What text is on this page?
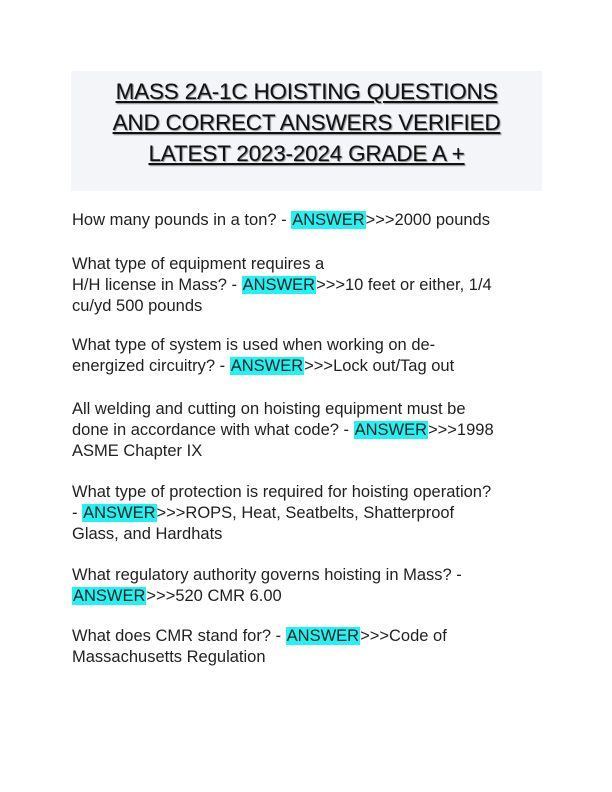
MASS 2A-1C HOISTING QUESTIONS
AND CORRECT ANSWERS VERIFIED
LATEST 2023-2024 GRADE A +

How many pounds in a ton? - ANSWER>>>2000 pounds

What type of equipment requires a
H/H license in Mass? - ANSWER>>>10 feet or either, 1/4
cu/yd 500 pounds

What type of system is used when working on de-
energized circuitry? - ANSWER>>>Lock out/Tag out

All welding and cutting on hoisting equipment must be
done in accordance with what code? - ANSWER>>>1998
ASME Chapter IX

What type of protection is required for hoisting operation?
- ANSWER>>>ROPS, Heat, Seatbelts, Shatterproof
Glass, and Hardhats

What regulatory authority governs hoisting in Mass? -
ANSWER>>>520 CMR 6.00

What does CMR stand for? - ANSWER>>>Code of
Massachusetts Regulation
